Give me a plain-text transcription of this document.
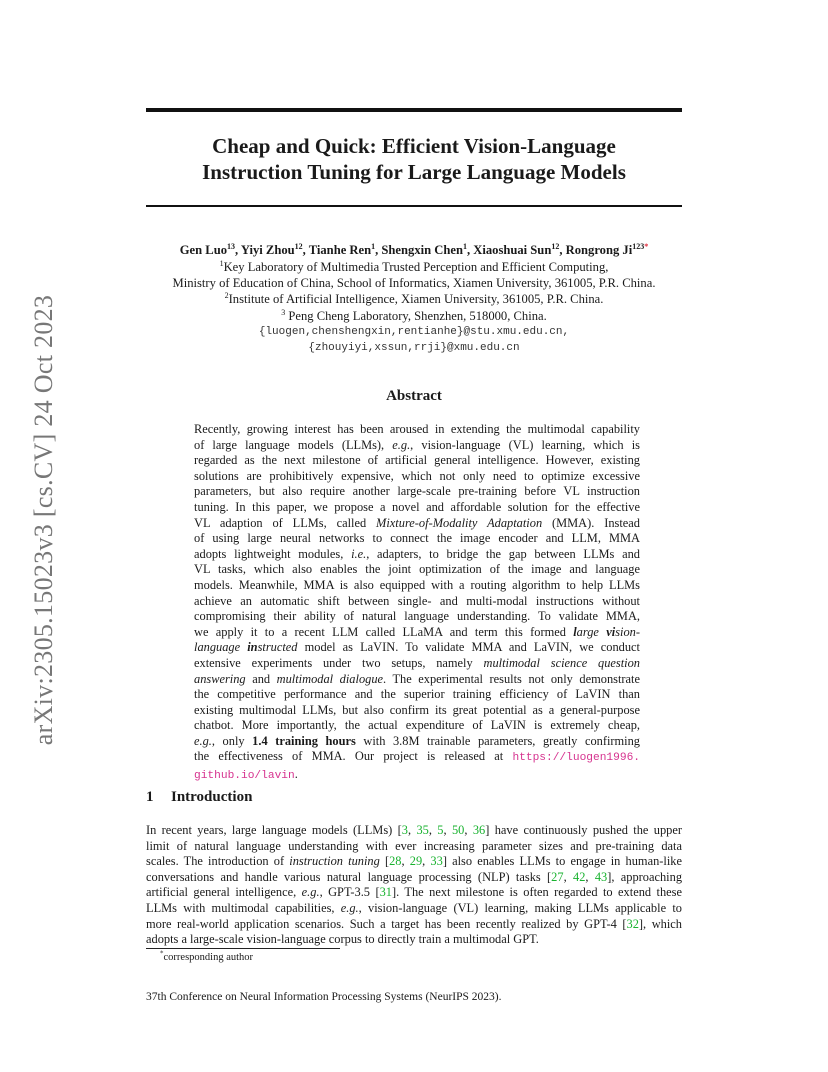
arXiv:2305.15023v3 [cs.CV] 24 Oct 2023
Cheap and Quick: Efficient Vision-Language
Instruction Tuning for Large Language Models
Gen Luo$^{13}$, Yiyi Zhou$^{12}$, Tianhe Ren$^1$, Shengxin Chen$^1$, Xiaoshuai Sun$^{12}$, Rongrong $Ji^{123*}$
$^1$Key Laboratory of Multimedia Trusted Perception and Efficient Computing,
Ministry of Education of China, School of Informatics, Xiamen University, 361005, P.R. China.
$^2$Institute of Artificial Intelligence, Xiamen University, 361005, P.R. China.
$^3$ Peng Cheng Laboratory, Shenzhen, 518000, China.
{luogen,chenshengxin,rentianhe}@stu.xmu.edu.cn,
{zhouyiyi,xssun,rrji}@xmu.edu.cn
Abstract
Recently, growing interest has been aroused in extending the multimodal capability
of large language models (LLMs), e.g., vision-language (VL) learning, which is
regarded as the next milestone of artificial general intelligence. However, existing
solutions are prohibitively expensive, which not only need to optimize excessive
parameters, but also require another large-scale pre-training before VL instruction
tuning. In this paper, we propose a novel and affordable solution for the effective
VL adaption of LLMs, called Mixture-of-Modality Adaptation (MMA). Instead
of using large neural networks to connect the image encoder and LLM, MMA
adopts lightweight modules, i.e., adapters, to bridge the gap between LLMs and
VL tasks, which also enables the joint optimization of the image and language
models. Meanwhile, MMA is also equipped with a routing algorithm to help LLMs
achieve an automatic shift between single- and multi-modal instructions without
compromising their ability of natural language understanding. To validate MMA,
we apply it to a recent LLM called LLaMA and term this formed large vision-
language instructed model as LaVIN. To validate MMA and LaVIN, we conduct
extensive experiments under two setups, namely multimodal science question
answering and multimodal dialogue. The experimental results not only demonstrate
the competitive performance and the superior training efficiency of LaVIN than
existing multimodal LLMs, but also confirm its great potential as a general-purpose
chatbot. More importantly, the actual expenditure of LaVIN is extremely cheap,
e.g., only 1.4 training hours with 3.8M trainable parameters, greatly confirming
the effectiveness of MMA. Our project is released at https://luogen1996.
github.io/lavin.
1 Introduction
In recent years, large language models (LLMs) [3, 35, 5, 50, 36] have continuously pushed the upper
limit of natural language understanding with ever increasing parameter sizes and pre-training data
scales. The introduction of instruction tuning [28, 29, 33] also enables LLMs to engage in human-like
conversations and handle various natural language processing (NLP) tasks [27, 42, 43], approaching
artificial general intelligence, e.g., GPT-3.5 [31]. The next milestone is often regarded to extend these
LLMs with multimodal capabilities, e.g., vision-language (VL) learning, making LLMs applicable to
more real-world application scenarios. Such a target has been recently realized by GPT-4 [32], which
adopts a large-scale vision-language corpus to directly train a multimodal GPT.
*corresponding author
37th Conference on Neural Information Processing Systems (NeurIPS 2023).
